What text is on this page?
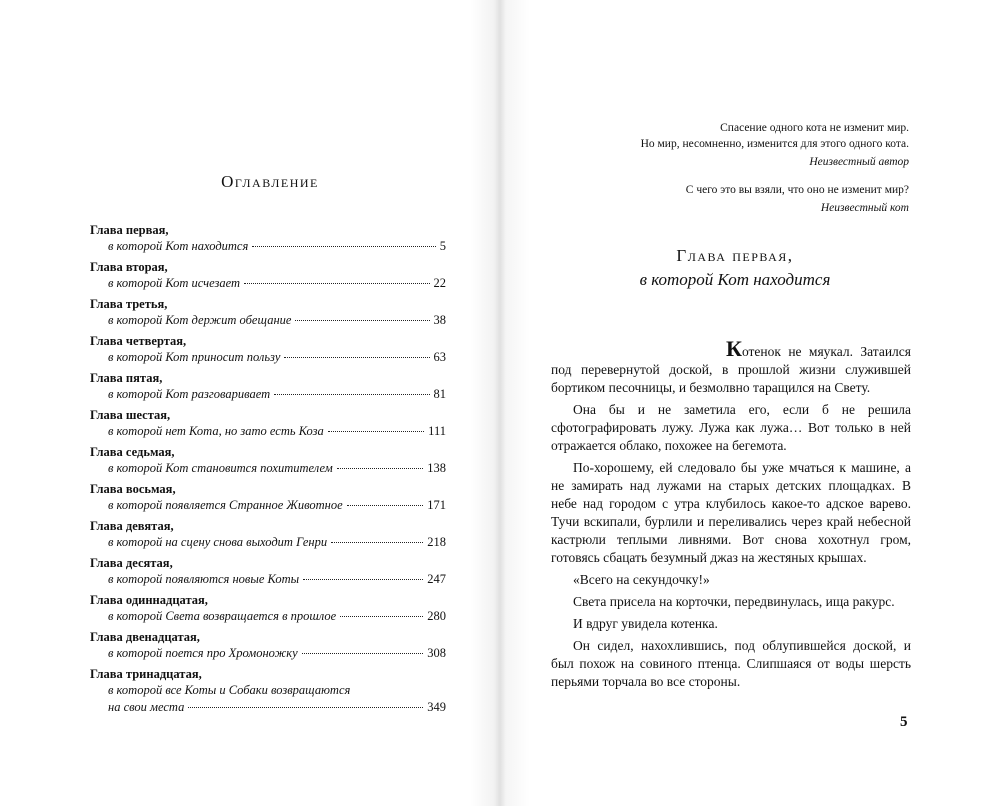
Оглавление
Глава первая,
в которой Кот находится	5
Глава вторая,
в которой Кот исчезает	22
Глава третья,
в которой Кот держит обещание	38
Глава четвертая,
в которой Кот приносит пользу	63
Глава пятая,
в которой Кот разговаривает	81
Глава шестая,
в которой нет Кота, но зато есть Коза	111
Глава седьмая,
в которой Кот становится похитителем	138
Глава восьмая,
в которой появляется Странное Животное	171
Глава девятая,
в которой на сцену снова выходит Генри	218
Глава десятая,
в которой появляются новые Коты	247
Глава одиннадцатая,
в которой Света возвращается в прошлое	280
Глава двенадцатая,
в которой поется про Хромоножку	308
Глава тринадцатая,
в которой все Коты и Собаки возвращаются
на свои места	349
Спасение одного кота не изменит мир.
Но мир, несомненно, изменится для этого одного кота.
Неизвестный автор
С чего это вы взяли, что оно не изменит мир?
Неизвестный кот
Глава первая,
в которой Кот находится

Котенок не мяукал. Затаился под перевернутой доской, в прошлой жизни служившей бортиком песочницы, и безмолвно таращился на Свету.

Она бы и не заметила его, если б не решила сфотографировать лужу. Лужа как лужа… Вот только в ней отражается облако, похожее на бегемота.

По-хорошему, ей следовало бы уже мчаться к машине, а не замирать над лужами на старых детских площадках. В небе над городом с утра клубилось какое-то адское варево. Тучи вскипали, бурлили и переливались через край небесной кастрюли теплыми ливнями. Вот снова хохотнул гром, готовясь сбацать безумный джаз на жестяных крышах.

«Всего на секундочку!»

Света присела на корточки, передвинулась, ища ракурс.

И вдруг увидела котенка.

Он сидел, нахохлившись, под облупившейся доской, и был похож на совиного птенца. Слипшаяся от воды шерсть перьями торчала во все стороны.

5
